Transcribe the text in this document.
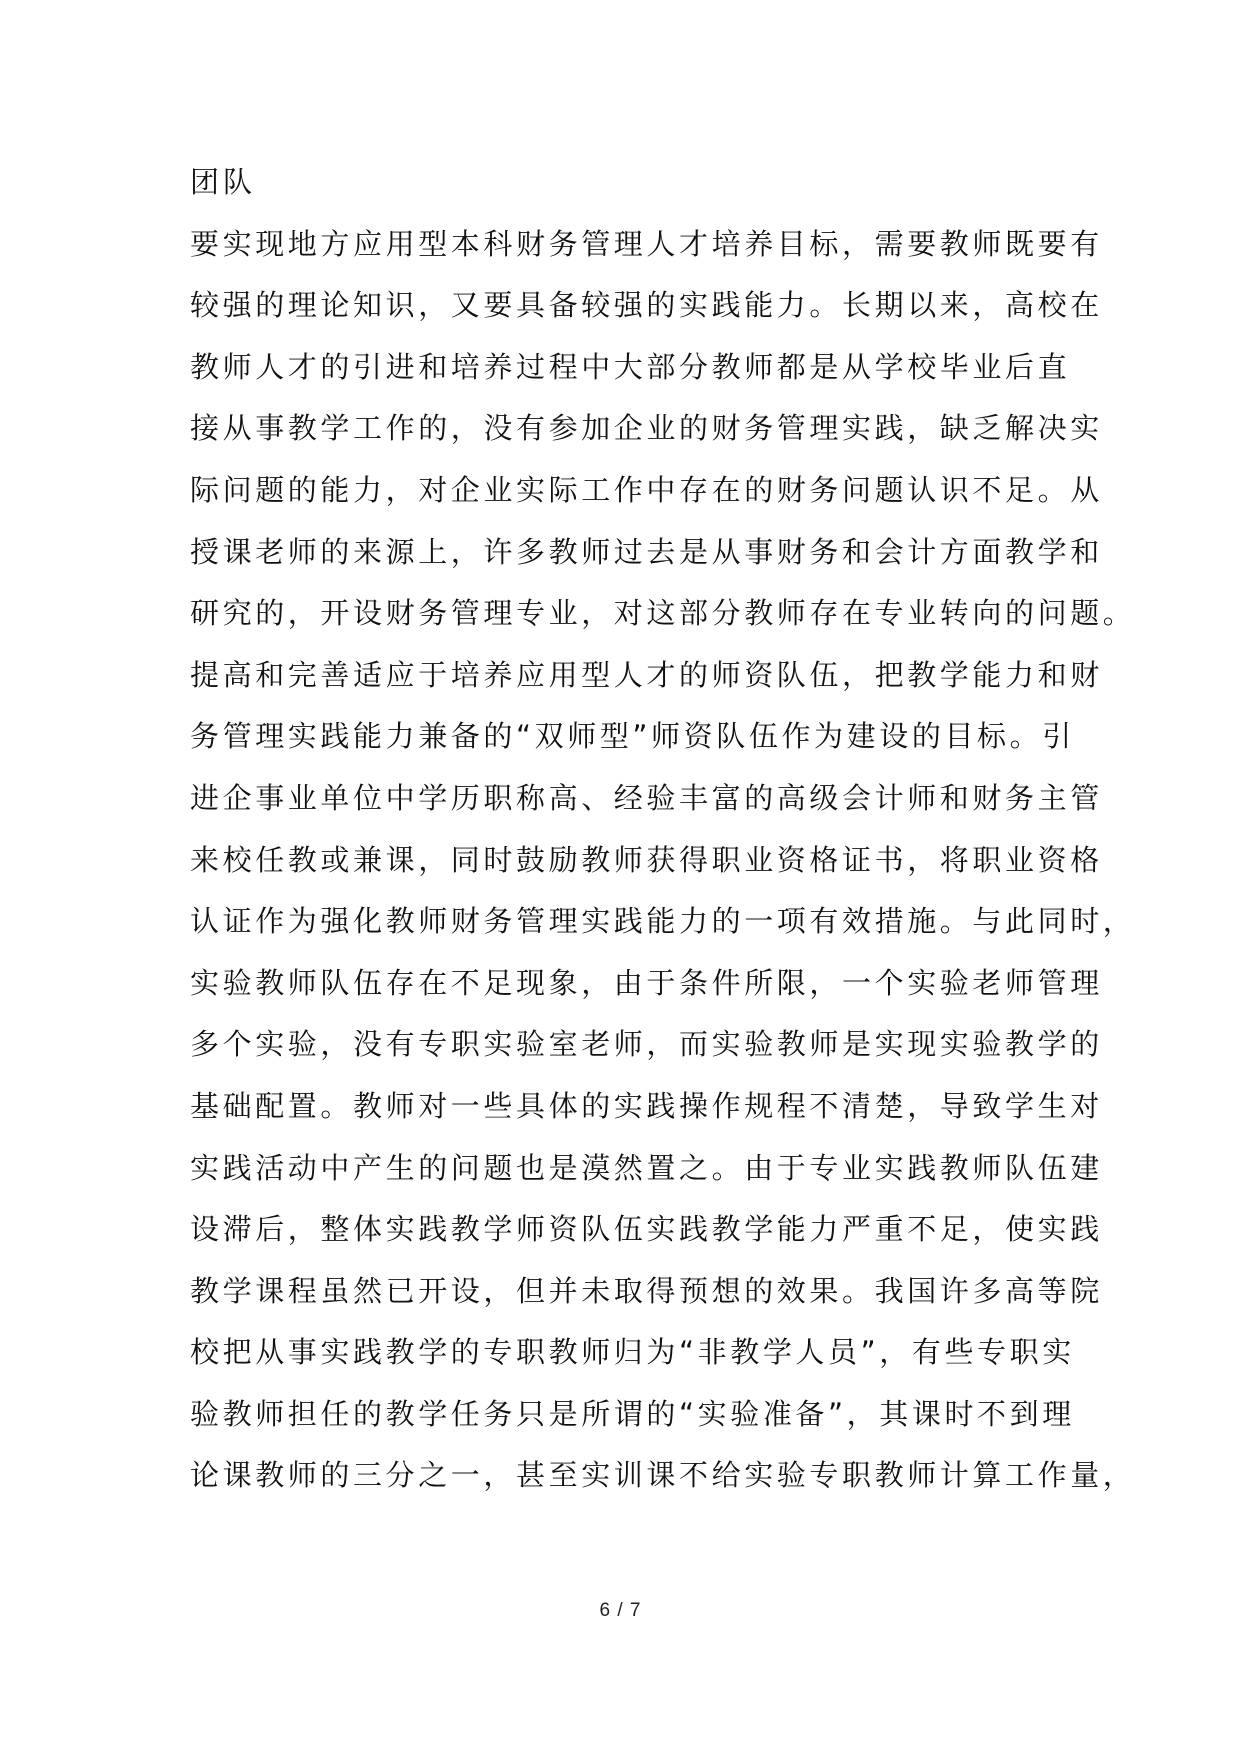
团队
要实现地方应用型本科财务管理人才培养目标，需要教师既要有
较强的理论知识，又要具备较强的实践能力。长期以来，高校在
教师人才的引进和培养过程中大部分教师都是从学校毕业后直
接从事教学工作的，没有参加企业的财务管理实践，缺乏解决实
际问题的能力，对企业实际工作中存在的财务问题认识不足。从
授课老师的来源上，许多教师过去是从事财务和会计方面教学和
研究的，开设财务管理专业，对这部分教师存在专业转向的问题。
提高和完善适应于培养应用型人才的师资队伍，把教学能力和财
务管理实践能力兼备的“双师型”师资队伍作为建设的目标。引
进企事业单位中学历职称高、经验丰富的高级会计师和财务主管
来校任教或兼课，同时鼓励教师获得职业资格证书，将职业资格
认证作为强化教师财务管理实践能力的一项有效措施。与此同时，
实验教师队伍存在不足现象，由于条件所限，一个实验老师管理
多个实验，没有专职实验室老师，而实验教师是实现实验教学的
基础配置。教师对一些具体的实践操作规程不清楚，导致学生对
实践活动中产生的问题也是漠然置之。由于专业实践教师队伍建
设滞后，整体实践教学师资队伍实践教学能力严重不足，使实践
教学课程虽然已开设，但并未取得预想的效果。我国许多高等院
校把从事实践教学的专职教师归为“非教学人员”，有些专职实
验教师担任的教学任务只是所谓的“实验准备”，其课时不到理
论课教师的三分之一，甚至实训课不给实验专职教师计算工作量，
6 / 7
